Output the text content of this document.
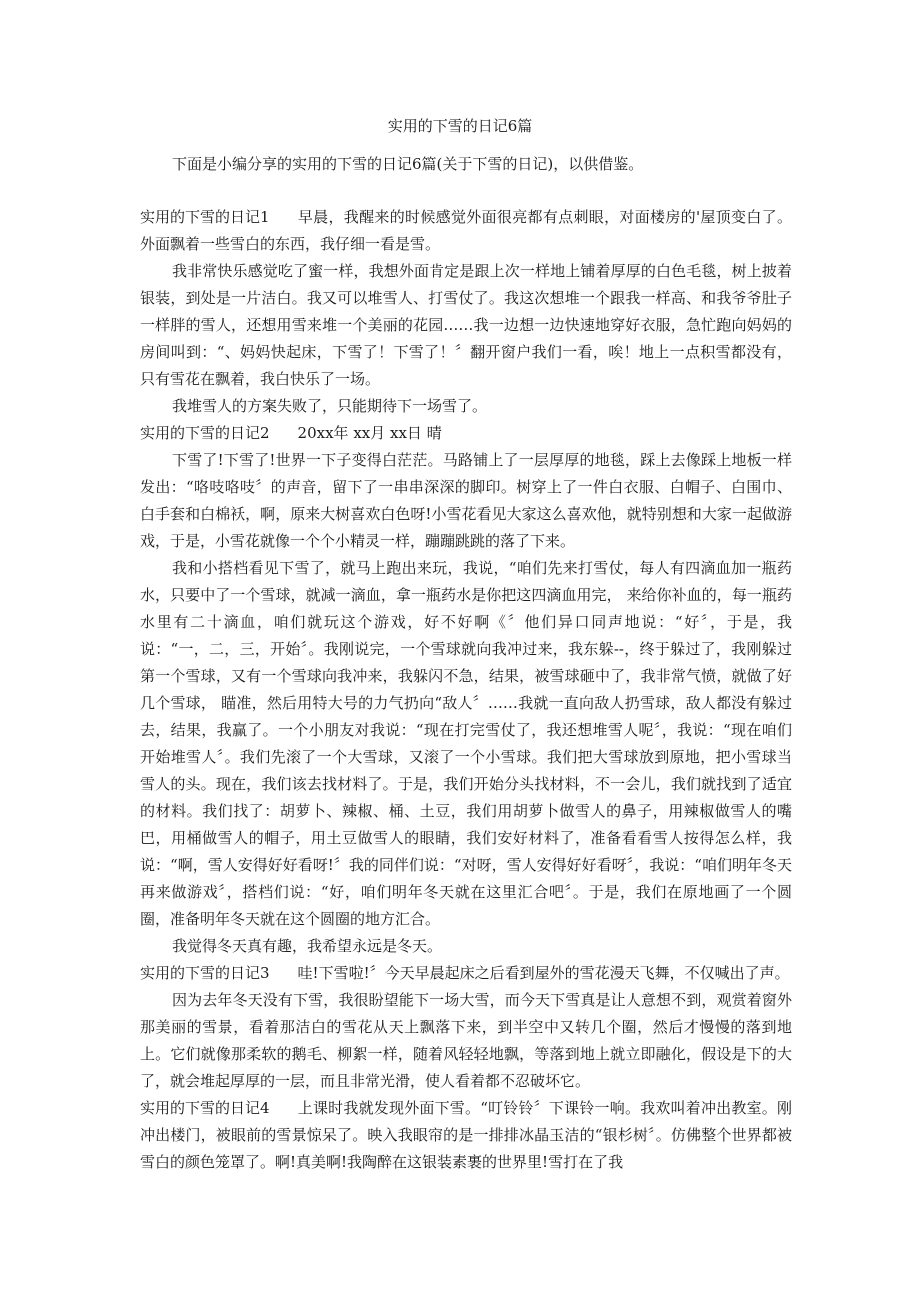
实用的下雪的日记6篇
下面是小编分享的实用的下雪的日记6篇(关于下雪的日记)，以供借鉴。

实用的下雪的日记1 早晨，我醒来的时候感觉外面很亮都有点刺眼，对面楼房的'屋顶变白了。外面飘着一些雪白的东西，我仔细一看是雪。

我非常快乐感觉吃了蜜一样，我想外面肯定是跟上次一样地上铺着厚厚的白色毛毯，树上披着银装，到处是一片洁白。我又可以堆雪人、打雪仗了。我这次想堆一个跟我一样高、和我爷爷肚子一样胖的雪人，还想用雪来堆一个美丽的花园……我一边想一边快速地穿好衣服，急忙跑向妈妈的房间叫到：“、妈妈快起床，下雪了！下雪了！〞翻开窗户我们一看，唉！地上一点积雪都没有，只有雪花在飘着，我白快乐了一场。

我堆雪人的方案失败了，只能期待下一场雪了。

实用的下雪的日记2 20xx年 xx月 xx日 晴

下雪了!下雪了!世界一下子变得白茫茫。马路铺上了一层厚厚的地毯，踩上去像踩上地板一样发出：“咯吱咯吱〞的声音，留下了一串串深深的脚印。树穿上了一件白衣服、白帽子、白围巾、白手套和白棉袄，啊，原来大树喜欢白色呀!小雪花看见大家这么喜欢他，就特别想和大家一起做游戏，于是，小雪花就像一个个小精灵一样，蹦蹦跳跳的落了下来。

我和小搭档看见下雪了，就马上跑出来玩，我说，“咱们先来打雪仗，每人有四滴血加一瓶药水，只要中了一个雪球，就减一滴血，拿一瓶药水是你把这四滴血用完， 来给你补血的，每一瓶药水里有二十滴血，咱们就玩这个游戏，好不好啊《〞他们异口同声地说：“好〞，于是，我说：“一，二，三，开始〞。我刚说完，一个雪球就向我冲过来，我东躲--，终于躲过了，我刚躲过第一个雪球，又有一个雪球向我冲来，我躲闪不急，结果，被雪球砸中了，我非常气愤，就做了好几个雪球， 瞄准，然后用特大号的力气扔向“敌人〞……我就一直向敌人扔雪球，敌人都没有躲过去，结果，我赢了。一个小朋友对我说：“现在打完雪仗了，我还想堆雪人呢〞，我说：“现在咱们开始堆雪人〞。我们先滚了一个大雪球，又滚了一个小雪球。我们把大雪球放到原地，把小雪球当雪人的头。现在，我们该去找材料了。于是，我们开始分头找材料，不一会儿，我们就找到了适宜的材料。我们找了：胡萝卜、辣椒、桶、土豆，我们用胡萝卜做雪人的鼻子，用辣椒做雪人的嘴巴，用桶做雪人的帽子，用土豆做雪人的眼睛，我们安好材料了，准备看看雪人按得怎么样，我说：“啊，雪人安得好好看呀!〞我的同伴们说：“对呀，雪人安得好好看呀〞，我说：“咱们明年冬天再来做游戏〞，搭档们说：“好，咱们明年冬天就在这里汇合吧〞。于是，我们在原地画了一个圆圈，准备明年冬天就在这个圆圈的地方汇合。

我觉得冬天真有趣，我希望永远是冬天。

实用的下雪的日记3 哇!下雪啦!〞今天早晨起床之后看到屋外的雪花漫天飞舞，不仅喊出了声。

因为去年冬天没有下雪，我很盼望能下一场大雪，而今天下雪真是让人意想不到，观赏着窗外那美丽的雪景，看着那洁白的雪花从天上飘落下来，到半空中又转几个圈，然后才慢慢的落到地上。它们就像那柔软的鹅毛、柳絮一样，随着风轻轻地飘，等落到地上就立即融化，假设是下的大了，就会堆起厚厚的一层，而且非常光滑，使人看着都不忍破坏它。

实用的下雪的日记4 上课时我就发现外面下雪。“叮铃铃〞下课铃一响。我欢叫着冲出教室。刚冲出楼门，被眼前的雪景惊呆了。映入我眼帘的是一排排冰晶玉洁的“银杉树〞。仿佛整个世界都被雪白的颜色笼罩了。啊!真美啊!我陶醉在这银装素裹的世界里!雪打在了我
